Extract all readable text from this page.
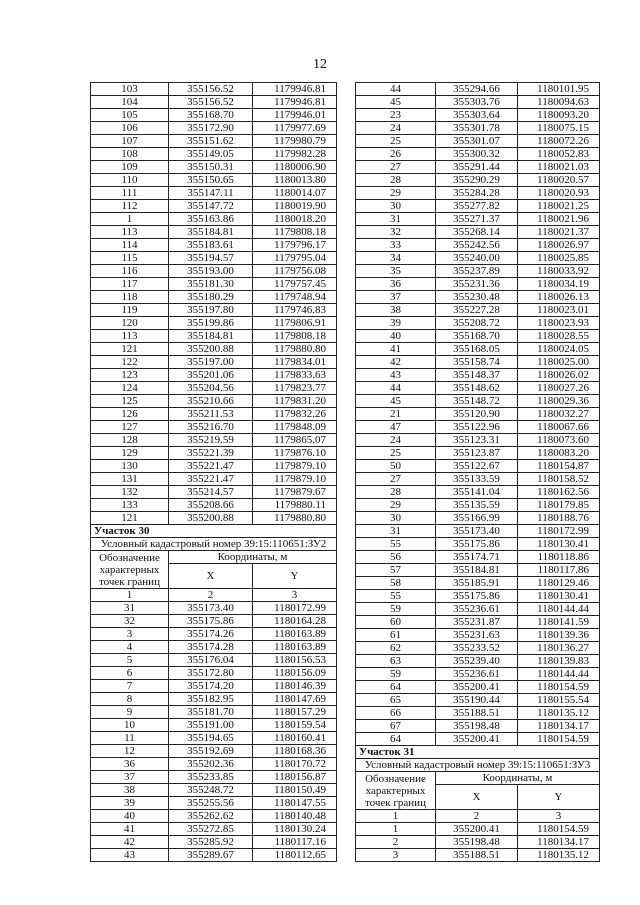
12
103	355156.52	1179946.81
104	355156.52	1179946.81
105	355168.70	1179946.01
106	355172.90	1179977.69
107	355151.62	1179980.79
108	355149.05	1179982.28
109	355150.31	1180006.90
110	355150.65	1180013.80
111	355147.11	1180014.07
112	355147.72	1180019.90
1	355163.86	1180018.20
113	355184.81	1179808.18
114	355183.61	1179796.17
115	355194.57	1179795.04
116	355193.00	1179756.08
117	355181.30	1179757.45
118	355180.29	1179748.94
119	355197.80	1179746.83
120	355199.86	1179806.91
113	355184.81	1179808.18
121	355200.88	1179880.80
122	355197.00	1179834.01
123	355201.06	1179833.63
124	355204.56	1179823.77
125	355210.66	1179831.20
126	355211.53	1179832.26
127	355216.70	1179848.09
128	355219.59	1179865.07
129	355221.39	1179876.10
130	355221.47	1179879.10
131	355221.47	1179879.10
132	355214.57	1179879.67
133	355208.66	1179880.11
121	355200.88	1179880.80
Участок 30		
Условный кадастровый номер 39:15:110651:ЗУ2		
Обозначение характерных точек границ	Координаты, м	
	X	Y
1	2	3
31	355173.40	1180172.99
32	355175.86	1180164.28
3	355174.26	1180163.89
4	355174.28	1180163.89
5	355176.04	1180156.53
6	355172.80	1180156.09
7	355174.20	1180146.39
8	355182.95	1180147.69
9	355181.70	1180157.29
10	355191.00	1180159.54
11	355194.65	1180160.41
12	355192.69	1180168.36
36	355202.36	1180170.72
37	355233.85	1180156.87
38	355248.72	1180150.49
39	355255.56	1180147.55
40	355262.62	1180140.48
41	355272.85	1180130.24
42	355285.92	1180117.16
43	355289.67	1180112.65
44	355294.66	1180101.95
45	355303.76	1180094.63
23	355303.64	1180093.20
24	355301.78	1180075.15
25	355301.07	1180072.26
26	355300.32	1180052.83
27	355291.44	1180021.03
28	355290.29	1180020.57
29	355284.28	1180020.93
30	355277.82	1180021.25
31	355271.37	1180021.96
32	355268.14	1180021.37
33	355242.56	1180026.97
34	355240.00	1180025.85
35	355237.89	1180033.92
36	355231.36	1180034.19
37	355230.48	1180026.13
38	355227.28	1180023.01
39	355208.72	1180023.93
40	355168.70	1180028.55
41	355168.05	1180024.05
42	355158.74	1180025.00
43	355148.37	1180026.02
44	355148.62	1180027.26
45	355148.72	1180029.36
21	355120.90	1180032.27
47	355122.96	1180067.66
24	355123.31	1180073.60
25	355123.87	1180083.20
50	355122.67	1180154.87
27	355133.59	1180158.52
28	355141.04	1180162.56
29	355135.59	1180179.85
30	355166.99	1180188.76
31	355173.40	1180172.99
55	355175.86	1180130.41
56	355174.71	1180118.86
57	355184.81	1180117.86
58	355185.91	1180129.46
55	355175.86	1180130.41
59	355236.61	1180144.44
60	355231.87	1180141.59
61	355231.63	1180139.36
62	355233.52	1180136.27
63	355239.40	1180139.83
59	355236.61	1180144.44
64	355200.41	1180154.59
65	355190.44	1180155.54
66	355188.51	1180135.12
67	355198.48	1180134.17
64	355200.41	1180154.59
Участок 31		
Условный кадастровый номер 39:15:110651:ЗУ3		
Обозначение характерных точек границ	Координаты, м	
	X	Y
1	2	3
1	355200.41	1180154.59
2	355198.48	1180134.17
3	355188.51	1180135.12
